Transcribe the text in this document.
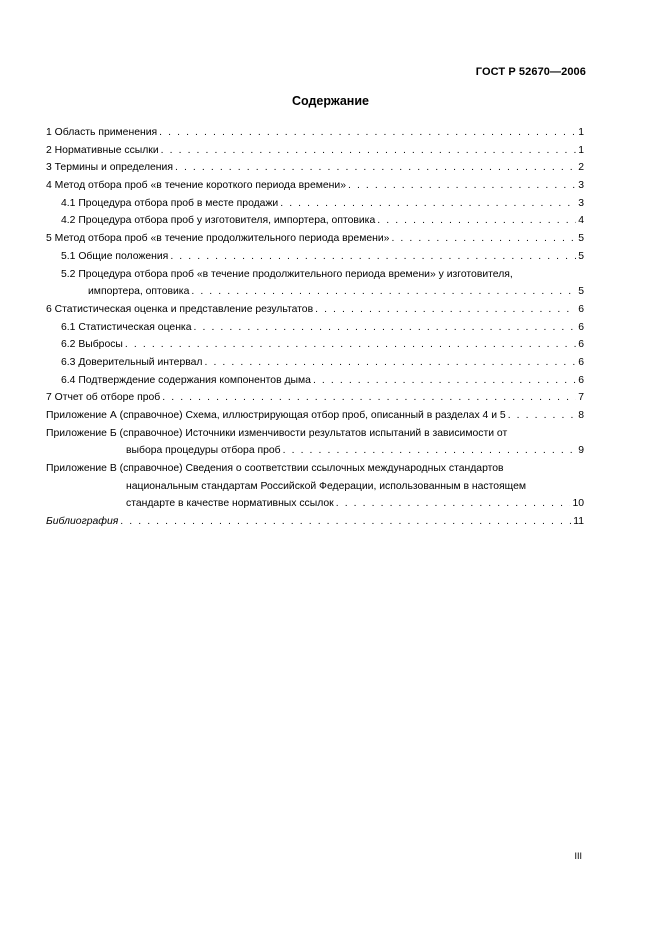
ГОСТ Р 52670—2006
Содержание
1 Область применения . . .	1
2 Нормативные ссылки . . .	1
3 Термины и определения . . .	2
4 Метод отбора проб «в течение короткого периода времени» . . .	3
4.1 Процедура отбора проб в месте продажи . . .	3
4.2 Процедура отбора проб у изготовителя, импортера, оптовика . . .	4
5 Метод отбора проб «в течение продолжительного периода времени» . . .	5
5.1 Общие положения . . .	5
5.2 Процедура отбора проб «в течение продолжительного периода времени» у изготовителя,
импортера, оптовика . . .	5
6 Статистическая оценка и представление результатов . . .	6
6.1 Статистическая оценка . . .	6
6.2 Выбросы . . .	6
6.3 Доверительный интервал . . .	6
6.4 Подтверждение содержания компонентов дыма . . .	6
7 Отчет об отборе проб . . .	7
Приложение А (справочное) Схема, иллюстрирующая отбор проб, описанный в разделах 4 и 5 . . .	8
Приложение Б (справочное) Источники изменчивости результатов испытаний в зависимости от
выбора процедуры отбора проб . . .	9
Приложение В (справочное) Сведения о соответствии ссылочных международных стандартов
национальным стандартам Российской Федерации, использованным в настоящем
стандарте в качестве нормативных ссылок . . .	10
Библиография . . .	11
III
